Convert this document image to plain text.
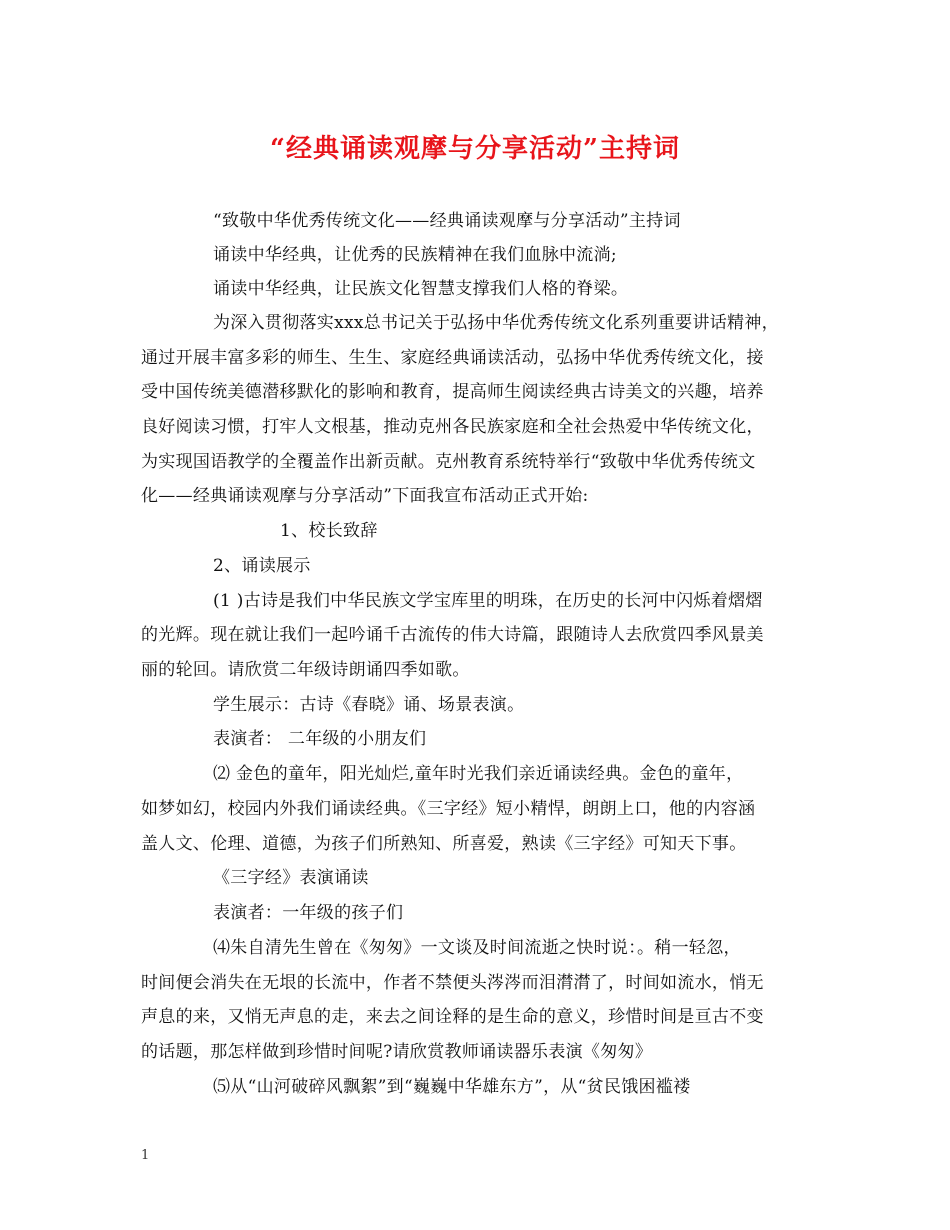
“经典诵读观摩与分享活动”主持词
“致敬中华优秀传统文化——经典诵读观摩与分享活动”主持词
诵读中华经典，让优秀的民族精神在我们血脉中流淌;
诵读中华经典，让民族文化智慧支撑我们人格的脊梁。
为深入贯彻落实xxx总书记关于弘扬中华优秀传统文化系列重要讲话精神，
通过开展丰富多彩的师生、生生、家庭经典诵读活动，弘扬中华优秀传统文化，接
受中国传统美德潜移默化的影响和教育，提高师生阅读经典古诗美文的兴趣，培养
良好阅读习惯，打牢人文根基，推动克州各民族家庭和全社会热爱中华传统文化，
为实现国语教学的全覆盖作出新贡献。克州教育系统特举行“致敬中华优秀传统文
化——经典诵读观摩与分享活动”下面我宣布活动正式开始:
1、校长致辞
2、诵读展示
(1 )古诗是我们中华民族文学宝库里的明珠，在历史的长河中闪烁着熠熠
的光辉。现在就让我们一起吟诵千古流传的伟大诗篇，跟随诗人去欣赏四季风景美
丽的轮回。请欣赏二年级诗朗诵四季如歌。
学生展示：古诗《春晓》诵、场景表演。
表演者： 二年级的小朋友们
⑵ 金色的童年，阳光灿烂,童年时光我们亲近诵读经典。金色的童年，
如梦如幻，校园内外我们诵读经典。《三字经》短小精悍，朗朗上口，他的内容涵
盖人文、伦理、道德，为孩子们所熟知、所喜爱，熟读《三字经》可知天下事。
《三字经》表演诵读
表演者：一年级的孩子们
⑷朱自清先生曾在《匆匆》一文谈及时间流逝之快时说：。稍一轻忽，
时间便会消失在无垠的长流中，作者不禁便头涔涔而泪潸潸了，时间如流水，悄无
声息的来，又悄无声息的走，来去之间诠释的是生命的意义，珍惜时间是亘古不变
的话题，那怎样做到珍惜时间呢?请欣赏教师诵读器乐表演《匆匆》
⑸从“山河破碎风飘絮”到“巍巍中华雄东方”，从“贫民饿困褴褛
1
